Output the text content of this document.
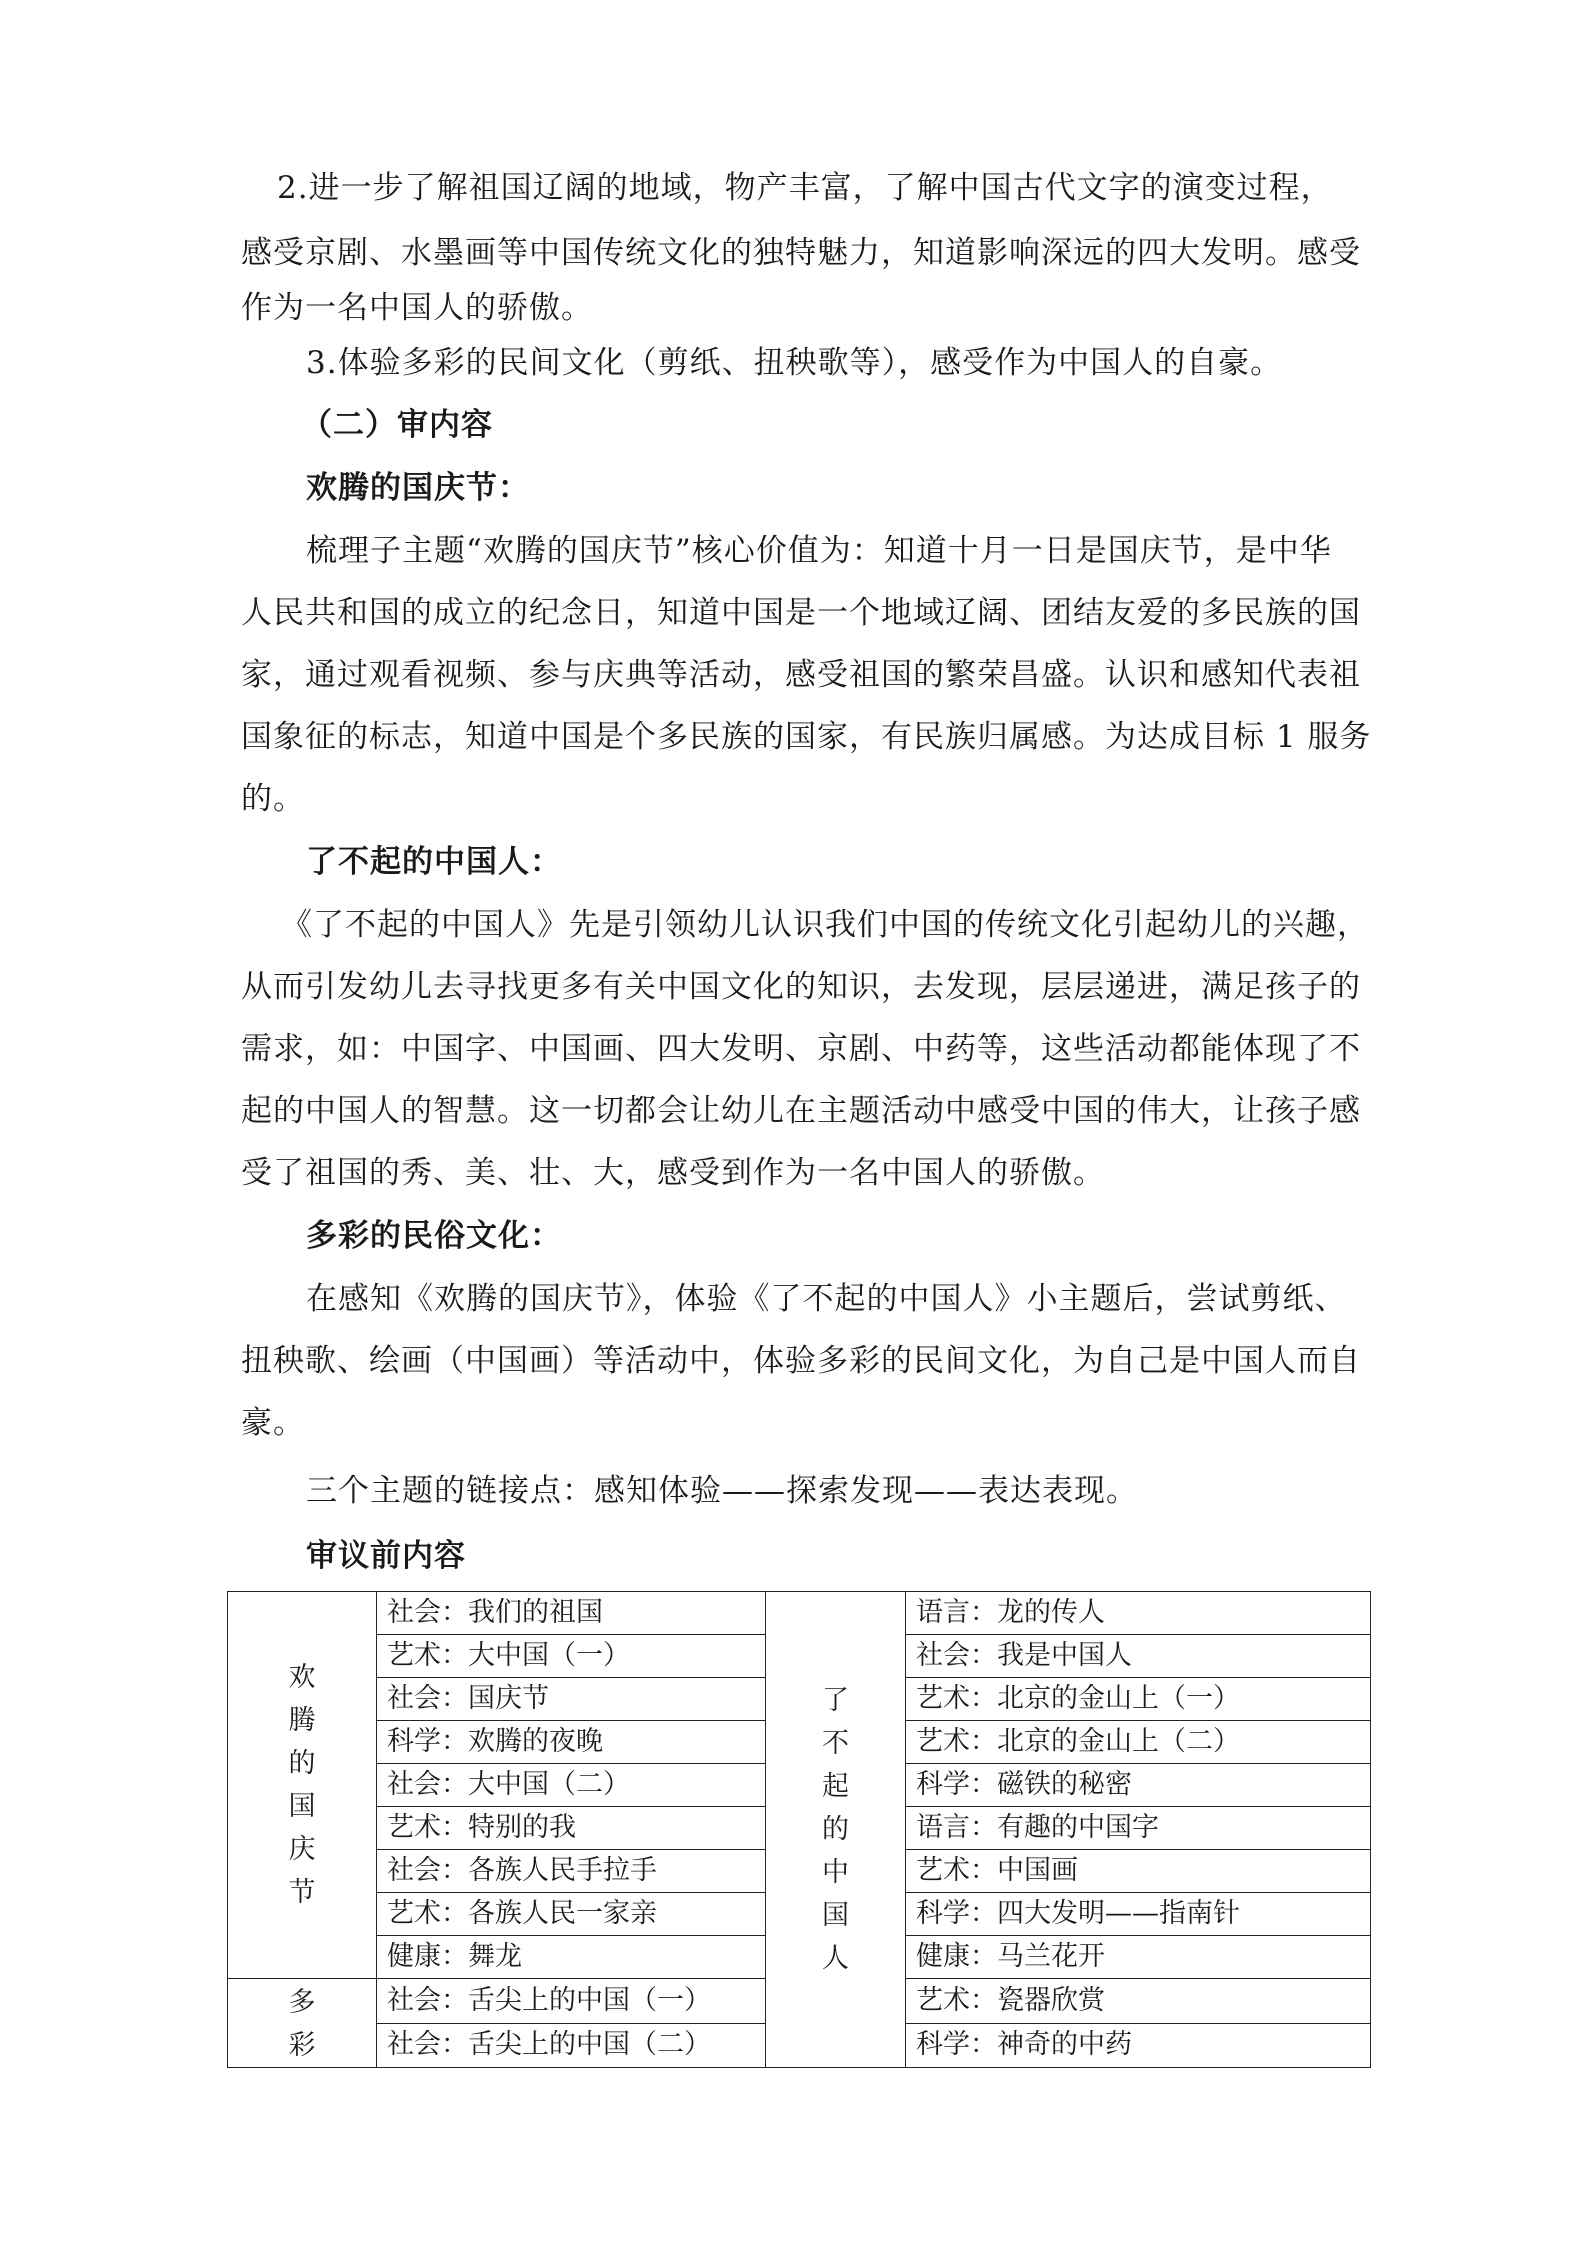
2.进一步了解祖国辽阔的地域，物产丰富，了解中国古代文字的演变过程，
感受京剧、水墨画等中国传统文化的独特魅力，知道影响深远的四大发明。感受
作为一名中国人的骄傲。
3.体验多彩的民间文化（剪纸、扭秧歌等），感受作为中国人的自豪。
（二）审内容
欢腾的国庆节：
梳理子主题“欢腾的国庆节”核心价值为：知道十月一日是国庆节，是中华
人民共和国的成立的纪念日，知道中国是一个地域辽阔、团结友爱的多民族的国
家，通过观看视频、参与庆典等活动，感受祖国的繁荣昌盛。认识和感知代表祖
国象征的标志，知道中国是个多民族的国家，有民族归属感。为达成目标 1 服务
的。
了不起的中国人：
《了不起的中国人》先是引领幼儿认识我们中国的传统文化引起幼儿的兴趣，
从而引发幼儿去寻找更多有关中国文化的知识，去发现，层层递进，满足孩子的
需求，如：中国字、中国画、四大发明、京剧、中药等，这些活动都能体现了不
起的中国人的智慧。这一切都会让幼儿在主题活动中感受中国的伟大，让孩子感
受了祖国的秀、美、壮、大，感受到作为一名中国人的骄傲。
多彩的民俗文化：
在感知《欢腾的国庆节》，体验《了不起的中国人》小主题后，尝试剪纸、
扭秧歌、绘画（中国画）等活动中，体验多彩的民间文化，为自己是中国人而自
豪。
三个主题的链接点：感知体验——探索发现——表达表现。
审议前内容
欢腾的国庆节	社会：我们的祖国	了不起的中国人	语言：龙的传人
	艺术：大中国（一）		社会：我是中国人
	社会：国庆节		艺术：北京的金山上（一）
	科学：欢腾的夜晚		艺术：北京的金山上（二）
	社会：大中国（二）		科学：磁铁的秘密
	艺术：特别的我		语言：有趣的中国字
	社会：各族人民手拉手		艺术：中国画
	艺术：各族人民一家亲		科学：四大发明——指南针
	健康：舞龙		健康：马兰花开
多彩	社会：舌尖上的中国（一）		艺术：瓷器欣赏
	社会：舌尖上的中国（二）		科学：神奇的中药
